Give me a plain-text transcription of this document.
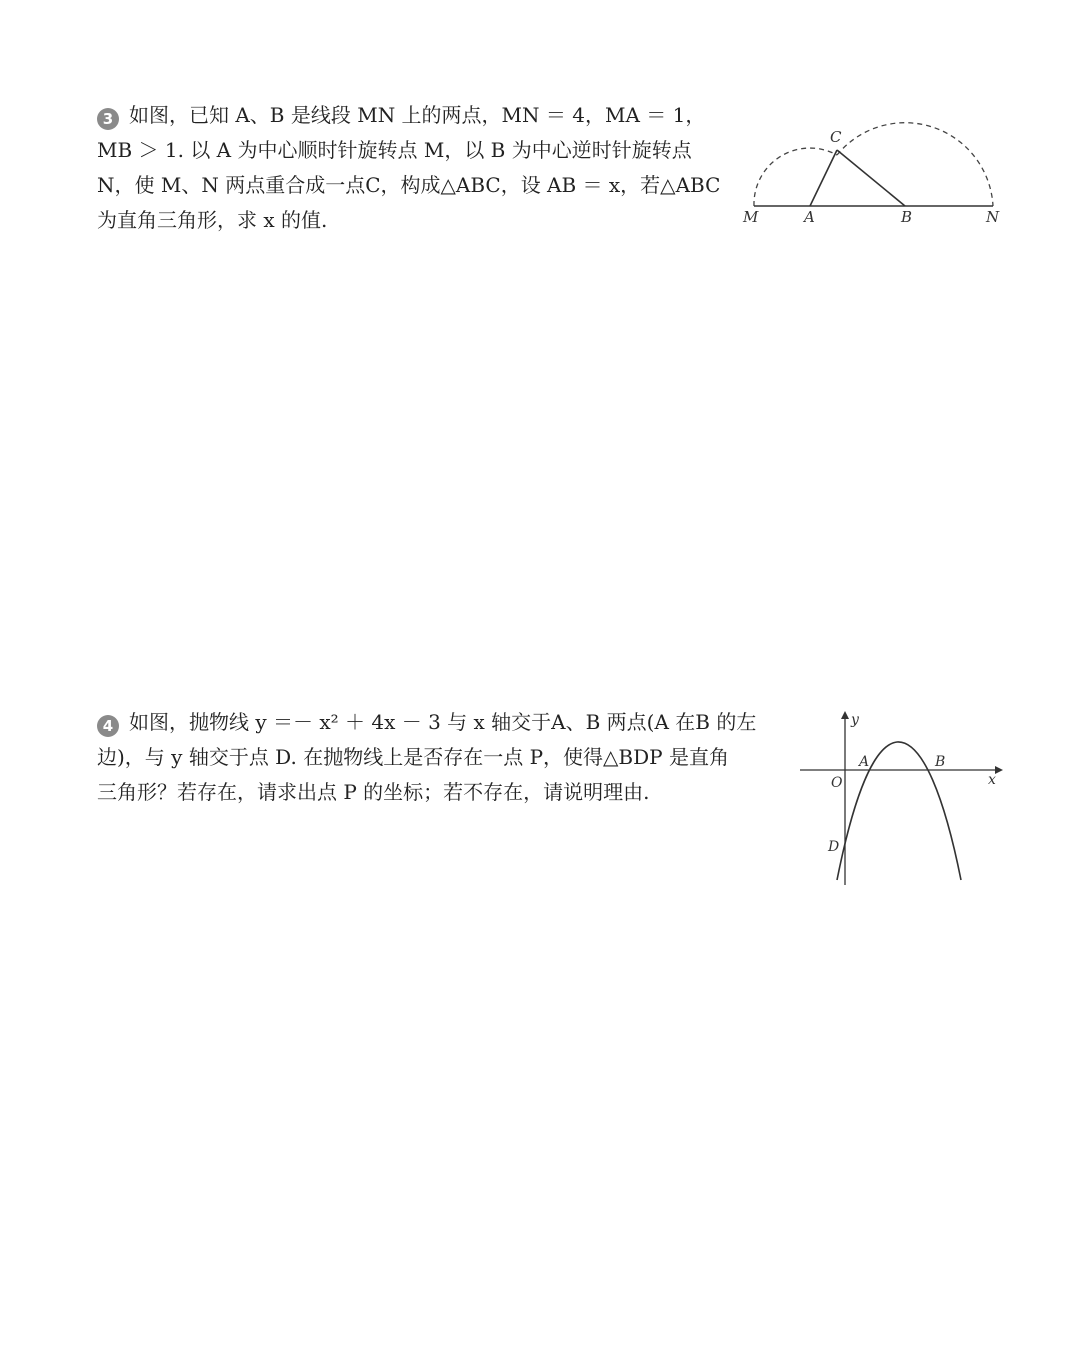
3 如图，已知 A、B 是线段 MN 上的两点，MN ＝ 4，MA ＝ 1，
MB ＞ 1. 以 A 为中心顺时针旋转点 M，以 B 为中心逆时针旋转点
N，使 M、N 两点重合成一点C，构成△ABC，设 AB ＝ x，若△ABC
为直角三角形，求 x 的值.	M	A	B	N
C
4 如图，抛物线 y ＝－ x² ＋ 4x － 3 与 x 轴交于A、B 两点(A 在B 的左
边)，与 y 轴交于点 D. 在抛物线上是否存在一点 P，使得△BDP 是直角
三角形？若存在，请求出点 P 的坐标；若不存在，请说明理由.
y
x
O
A	B
D
